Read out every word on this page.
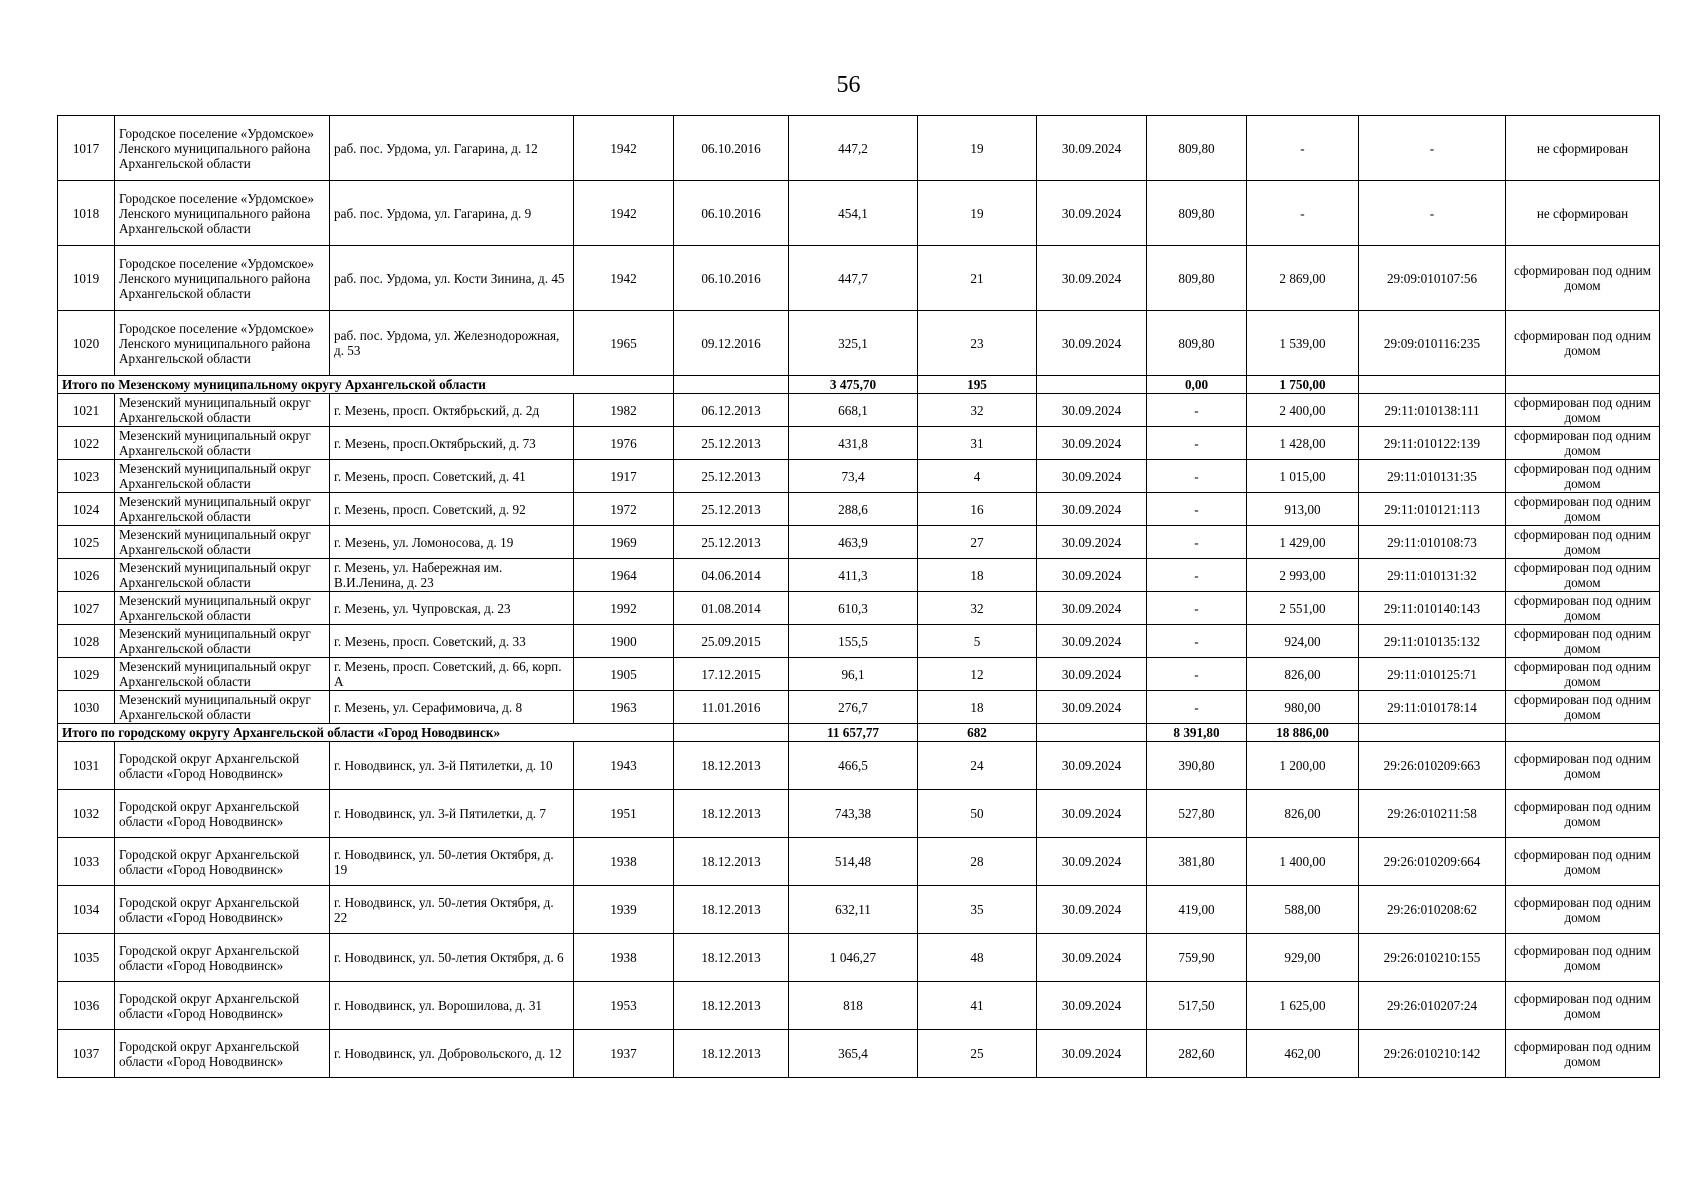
56
1017	Городское поселение «Урдомское» Ленского муниципального района Архангельской области	раб. пос. Урдома, ул. Гагарина, д. 12	1942	06.10.2016	447,2	19	30.09.2024	809,80	-	-	не сформирован
1018	Городское поселение «Урдомское» Ленского муниципального района Архангельской области	раб. пос. Урдома, ул. Гагарина, д. 9	1942	06.10.2016	454,1	19	30.09.2024	809,80	-	-	не сформирован
1019	Городское поселение «Урдомское» Ленского муниципального района Архангельской области	раб. пос. Урдома, ул. Кости Зинина, д. 45	1942	06.10.2016	447,7	21	30.09.2024	809,80	2 869,00	29:09:010107:56	сформирован под одним домом
1020	Городское поселение «Урдомское» Ленского муниципального района Архангельской области	раб. пос. Урдома, ул. Железнодорожная, д. 53	1965	09.12.2016	325,1	23	30.09.2024	809,80	1 539,00	29:09:010116:235	сформирован под одним домом
Итого по Мезенскому муниципальному округу Архангельской области					3 475,70	195		0,00	1 750,00		
1021	Мезенский муниципальный округ Архангельской области	г. Мезень, просп. Октябрьский, д. 2д	1982	06.12.2013	668,1	32	30.09.2024	-	2 400,00	29:11:010138:111	сформирован под одним домом
1022	Мезенский муниципальный округ Архангельской области	г. Мезень, просп.Октябрьский, д. 73	1976	25.12.2013	431,8	31	30.09.2024	-	1 428,00	29:11:010122:139	сформирован под одним домом
1023	Мезенский муниципальный округ Архангельской области	г. Мезень, просп. Советский, д. 41	1917	25.12.2013	73,4	4	30.09.2024	-	1 015,00	29:11:010131:35	сформирован под одним домом
1024	Мезенский муниципальный округ Архангельской области	г. Мезень, просп. Советский, д. 92	1972	25.12.2013	288,6	16	30.09.2024	-	913,00	29:11:010121:113	сформирован под одним домом
1025	Мезенский муниципальный округ Архангельской области	г. Мезень, ул. Ломоносова, д. 19	1969	25.12.2013	463,9	27	30.09.2024	-	1 429,00	29:11:010108:73	сформирован под одним домом
1026	Мезенский муниципальный округ Архангельской области	г. Мезень, ул. Набережная им. В.И.Ленина, д. 23	1964	04.06.2014	411,3	18	30.09.2024	-	2 993,00	29:11:010131:32	сформирован под одним домом
1027	Мезенский муниципальный округ Архангельской области	г. Мезень, ул. Чупровская, д. 23	1992	01.08.2014	610,3	32	30.09.2024	-	2 551,00	29:11:010140:143	сформирован под одним домом
1028	Мезенский муниципальный округ Архангельской области	г. Мезень, просп. Советский, д. 33	1900	25.09.2015	155,5	5	30.09.2024	-	924,00	29:11:010135:132	сформирован под одним домом
1029	Мезенский муниципальный округ Архангельской области	г. Мезень, просп. Советский, д. 66, корп. А	1905	17.12.2015	96,1	12	30.09.2024	-	826,00	29:11:010125:71	сформирован под одним домом
1030	Мезенский муниципальный округ Архангельской области	г. Мезень, ул. Серафимовича, д. 8	1963	11.01.2016	276,7	18	30.09.2024	-	980,00	29:11:010178:14	сформирован под одним домом
Итого по городскому округу Архангельской области «Город Новодвинск»					11 657,77	682		8 391,80	18 886,00		
1031	Городской округ Архангельской области «Город Новодвинск»	г. Новодвинск, ул. 3-й Пятилетки, д. 10	1943	18.12.2013	466,5	24	30.09.2024	390,80	1 200,00	29:26:010209:663	сформирован под одним домом
1032	Городской округ Архангельской области «Город Новодвинск»	г. Новодвинск, ул. 3-й Пятилетки, д. 7	1951	18.12.2013	743,38	50	30.09.2024	527,80	826,00	29:26:010211:58	сформирован под одним домом
1033	Городской округ Архангельской области «Город Новодвинск»	г. Новодвинск, ул. 50-летия Октября, д. 19	1938	18.12.2013	514,48	28	30.09.2024	381,80	1 400,00	29:26:010209:664	сформирован под одним домом
1034	Городской округ Архангельской области «Город Новодвинск»	г. Новодвинск, ул. 50-летия Октября, д. 22	1939	18.12.2013	632,11	35	30.09.2024	419,00	588,00	29:26:010208:62	сформирован под одним домом
1035	Городской округ Архангельской области «Город Новодвинск»	г. Новодвинск, ул. 50-летия Октября, д. 6	1938	18.12.2013	1 046,27	48	30.09.2024	759,90	929,00	29:26:010210:155	сформирован под одним домом
1036	Городской округ Архангельской области «Город Новодвинск»	г. Новодвинск, ул. Ворошилова, д. 31	1953	18.12.2013	818	41	30.09.2024	517,50	1 625,00	29:26:010207:24	сформирован под одним домом
1037	Городской округ Архангельской области «Город Новодвинск»	г. Новодвинск, ул. Добровольского, д. 12	1937	18.12.2013	365,4	25	30.09.2024	282,60	462,00	29:26:010210:142	сформирован под одним домом
